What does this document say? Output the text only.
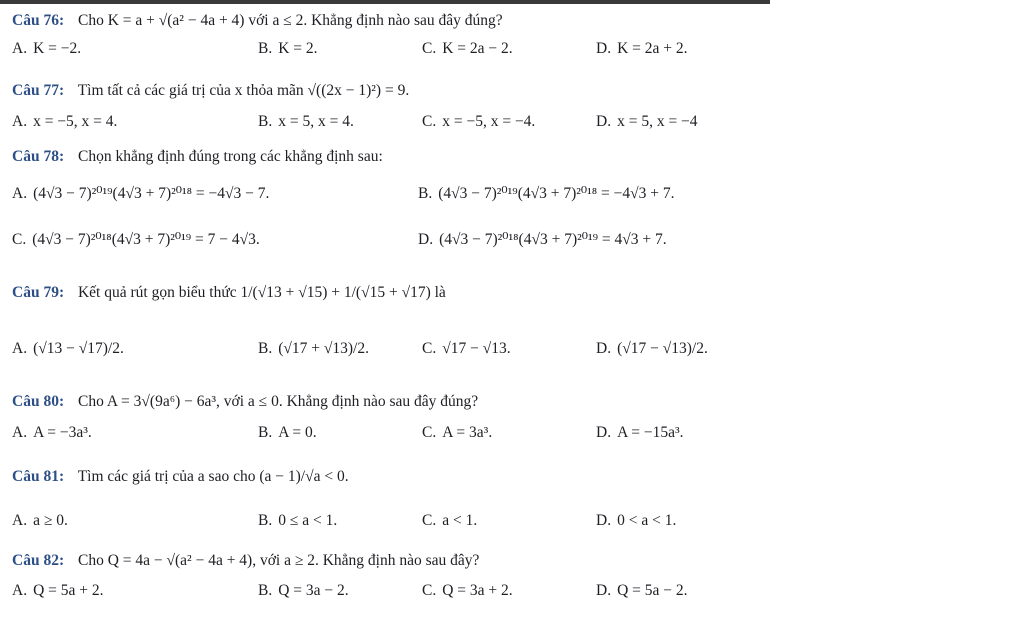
Câu 76: Cho K = a + √(a² − 4a + 4) với a ≤ 2. Khẳng định nào sau đây đúng?
A. K = −2.	B. K = 2.	C. K = 2a − 2.	D. K = 2a + 2.
Câu 77: Tìm tất cả các giá trị của x thỏa mãn √((2x − 1)²) = 9.
A. x = −5, x = 4.	B. x = 5, x = 4.	C. x = −5, x = −4.	D. x = 5, x = −4
Câu 78: Chọn khẳng định đúng trong các khẳng định sau:
A. (4√3 − 7)²⁰¹⁹(4√3 + 7)²⁰¹⁸ = −4√3 − 7.	B. (4√3 − 7)²⁰¹⁹(4√3 + 7)²⁰¹⁸ = −4√3 + 7.
C. (4√3 − 7)²⁰¹⁸(4√3 + 7)²⁰¹⁹ = 7 − 4√3.	D. (4√3 − 7)²⁰¹⁸(4√3 + 7)²⁰¹⁹ = 4√3 + 7.
Câu 79: Kết quả rút gọn biểu thức 1/(√13 + √15) + 1/(√15 + √17) là
A. (√13 − √17)/2.	B. (√17 + √13)/2.	C. √17 − √13.	D. (√17 − √13)/2.
Câu 80: Cho A = 3√(9a⁶) − 6a³, với a ≤ 0. Khẳng định nào sau đây đúng?
A. A = −3a³.	B. A = 0.	C. A = 3a³.	D. A = −15a³.
Câu 81: Tìm các giá trị của a sao cho (a − 1)/√a < 0.
A. a ≥ 0.	B. 0 ≤ a < 1.	C. a < 1.	D. 0 < a < 1.
Câu 82: Cho Q = 4a − √(a² − 4a + 4), với a ≥ 2. Khẳng định nào sau đây?
A. Q = 5a + 2.	B. Q = 3a − 2.	C. Q = 3a + 2.	D. Q = 5a − 2.
